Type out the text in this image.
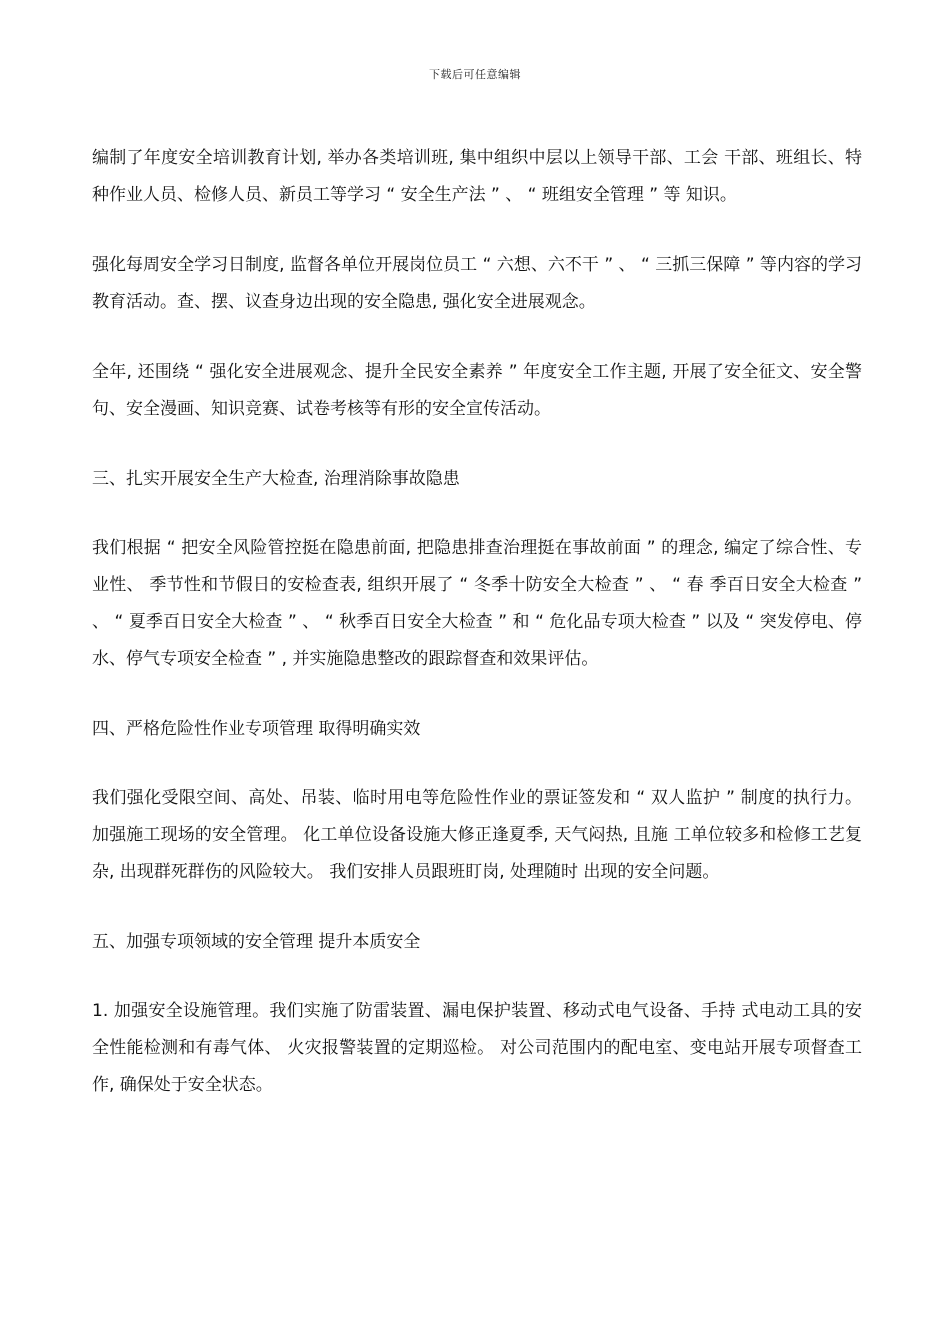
下载后可任意编辑

编制了年度安全培训教育计划, 举办各类培训班, 集中组织中层以上领导干部、工会 干部、班组长、特种作业人员、检修人员、新员工等学习 “ 安全生产法 ” 、 “ 班组安全管理 ” 等 知识。

强化每周安全学习日制度, 监督各单位开展岗位员工 “ 六想、六不干 ” 、 “ 三抓三保障 ” 等内容的学习教育活动。查、摆、议查身边出现的安全隐患, 强化安全进展观念。

全年, 还围绕 “ 强化安全进展观念、提升全民安全素养 ” 年度安全工作主题, 开展了安全征文、安全警句、安全漫画、知识竞赛、试卷考核等有形的安全宣传活动。

三、扎实开展安全生产大检查, 治理消除事故隐患

我们根据 “ 把安全风险管控挺在隐患前面, 把隐患排查治理挺在事故前面 ” 的理念, 编定了综合性、专业性、 季节性和节假日的安检查表, 组织开展了 “ 冬季十防安全大检查 ” 、 “ 春 季百日安全大检查 ” 、 “ 夏季百日安全大检查 ” 、 “ 秋季百日安全大检查 ” 和 “ 危化品专项大检查 ” 以及 “ 突发停电、停水、停气专项安全检查 ” , 并实施隐患整改的跟踪督查和效果评估。

四、严格危险性作业专项管理 取得明确实效

我们强化受限空间、高处、吊装、临时用电等危险性作业的票证签发和 “ 双人监护 ” 制度的执行力。加强施工现场的安全管理。 化工单位设备设施大修正逢夏季, 天气闷热, 且施 工单位较多和检修工艺复杂, 出现群死群伤的风险较大。 我们安排人员跟班盯岗, 处理随时 出现的安全问题。

五、加强专项领域的安全管理 提升本质安全

1. 加强安全设施管理。我们实施了防雷装置、漏电保护装置、移动式电气设备、手持 式电动工具的安全性能检测和有毒气体、 火灾报警装置的定期巡检。 对公司范围内的配电室、变电站开展专项督查工作, 确保处于安全状态。
